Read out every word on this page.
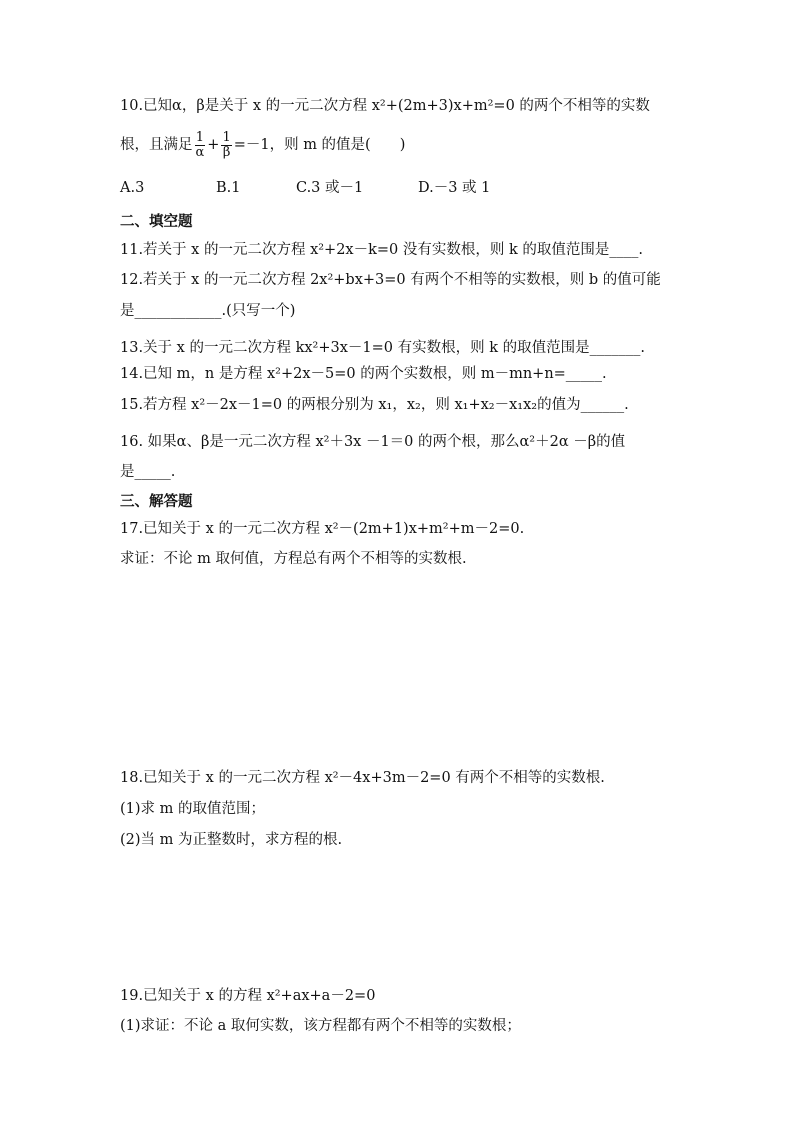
10.已知α，β是关于 x 的一元二次方程 x²+(2m+3)x+m²=0 的两个不相等的实数
根，且满足 $\frac{1}{\alpha} + \frac{1}{\beta} =-1$，则 m 的值是(　　)
A.3	B.1	C.3 或－1	D.－3 或 1
二、填空题
11.若关于 x 的一元二次方程 x²+2x－k=0 没有实数根，则 k 的取值范围是____.
12.若关于 x 的一元二次方程 2x²+bx+3=0 有两个不相等的实数根，则 b 的值可能
是____________.(只写一个)
13.关于 x 的一元二次方程 kx²+3x－1=0 有实数根，则 k 的取值范围是_______.
14.已知 m，n 是方程 x²+2x－5=0 的两个实数根，则 m－mn+n=_____.
15.若方程 x²－2x－1=0 的两根分别为 x₁，x₂，则 x₁+x₂－x₁x₂的值为______.
16. 如果α、β是一元二次方程 x²＋3x －1＝0 的两个根，那么α²＋2α －β的值
是_____.
三、解答题
17.已知关于 x 的一元二次方程 x²－(2m+1)x+m²+m－2=0.
求证：不论 m 取何值，方程总有两个不相等的实数根.
18.已知关于 x 的一元二次方程 x²－4x+3m－2=0 有两个不相等的实数根.
(1)求 m 的取值范围；
(2)当 m 为正整数时，求方程的根.
19.已知关于 x 的方程 x²+ax+a－2=0
(1)求证：不论 a 取何实数，该方程都有两个不相等的实数根；
